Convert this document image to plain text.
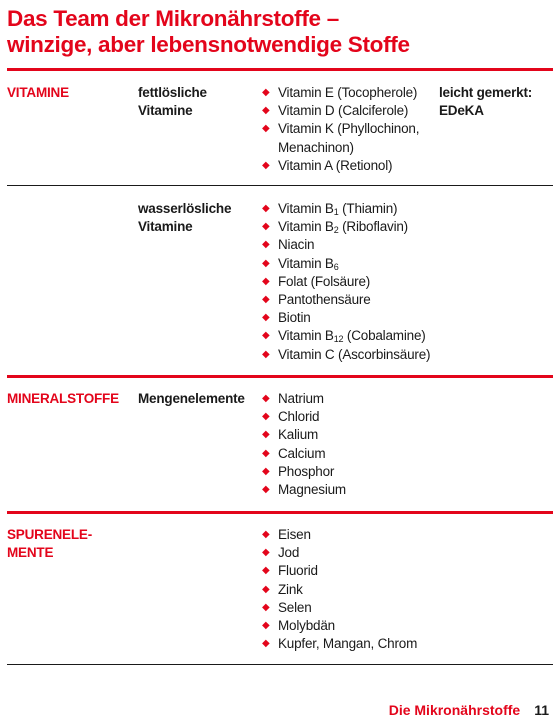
Das Team der Mikronährstoffe –
winzige, aber lebensnotwendige Stoffe
VITAMINE	fettlösliche
Vitamine
◆ Vitamin E (Tocopherole)
◆ Vitamin D (Calciferole)
◆ Vitamin K (Phyllochinon,
Menachinon)
◆ Vitamin A (Retionol)
leicht gemerkt:
EDeKA
wasserlösliche
Vitamine
◆ Vitamin $B_1$ (Thiamin)
◆ Vitamin $B_2$ (Riboflavin)
◆ Niacin
◆ Vitamin $B_6$
◆ Folat (Folsäure)
◆ Pantothensäure
◆ Biotin
◆ Vitamin $B_{12}$ (Cobalamine)
◆ Vitamin C (Ascorbinsäure)
MINERALSTOFFE Mengenelemente ◆ Natrium
◆ Chlorid
◆ Kalium
◆ Calcium
◆ Phosphor
◆ Magnesium
SPURENELE-
MENTE
◆ Eisen
◆ Jod
◆ Fluorid
◆ Zink
◆ Selen
◆ Molybdän
◆ Kupfer, Mangan, Chrom
Die Mikronährstoffe 11
